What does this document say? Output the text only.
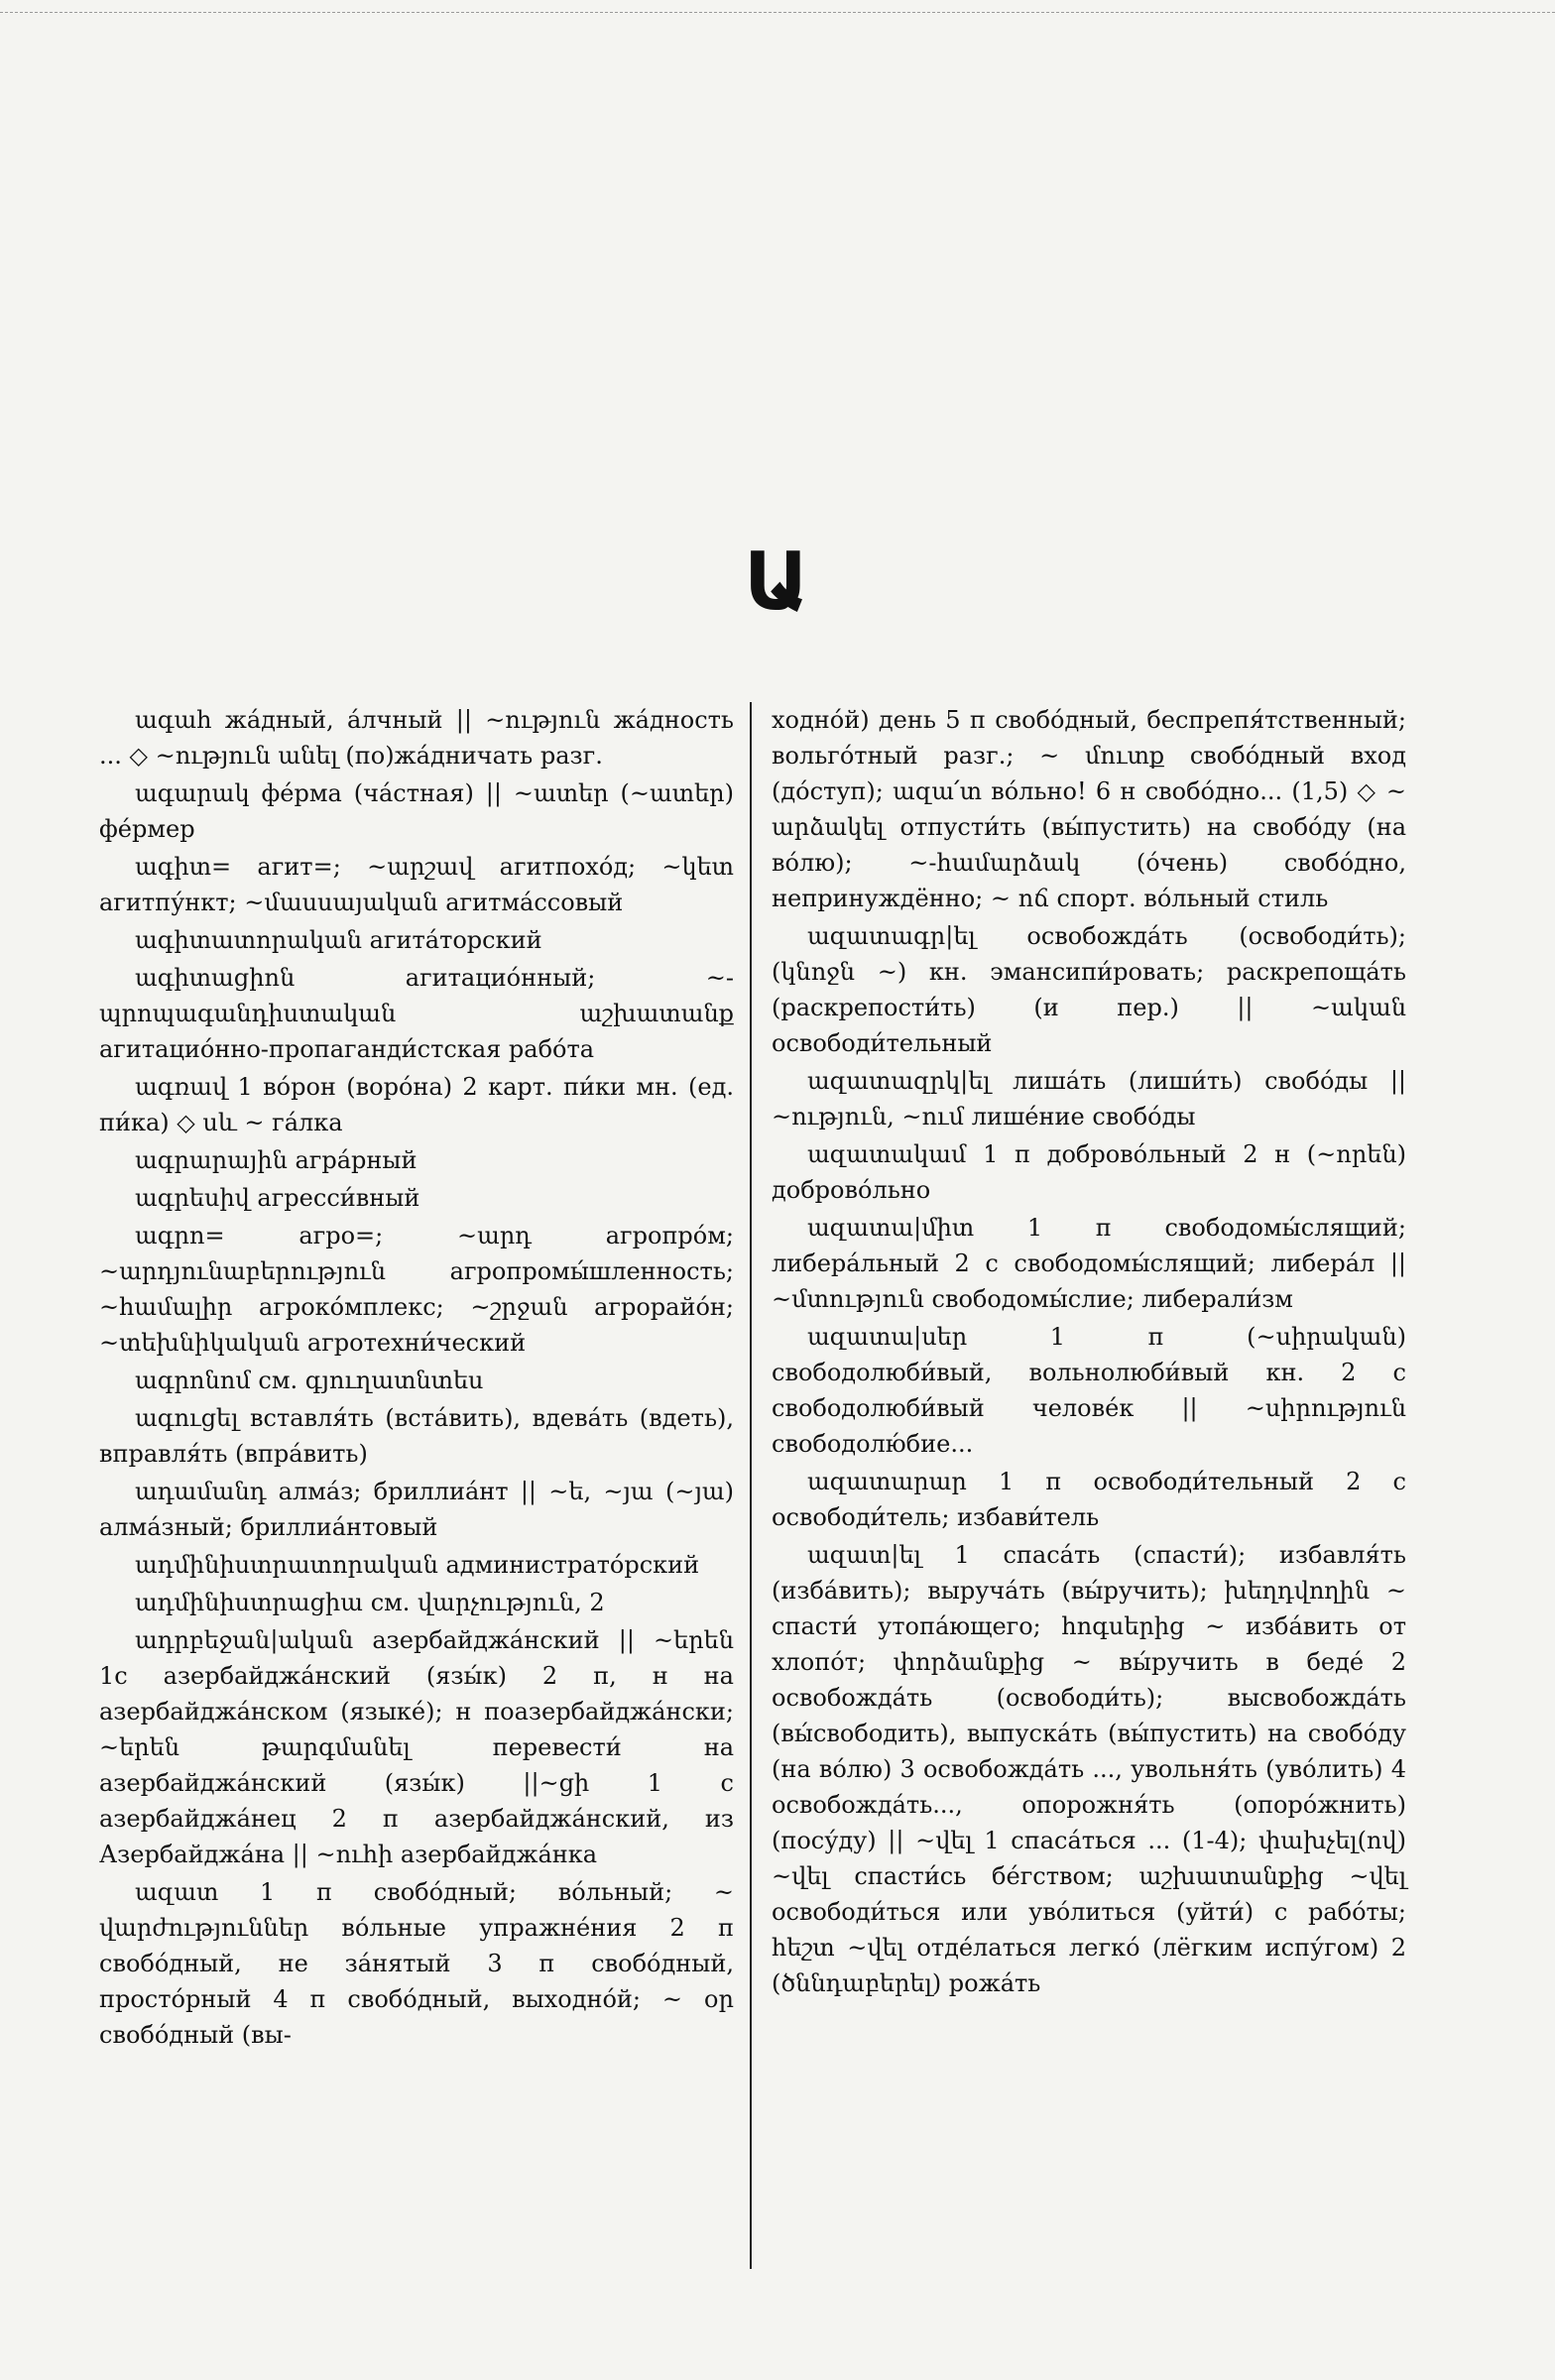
Ա

ագահ жа́дный, а́лчный || ~ություն жа́дность ... ◇ ~ություն անել (по)жа́дничать разг.

ագարակ фе́рма (ча́стная) || ~ատեր (~ատեր) фе́рмер

ագիտ= агит=; ~արշավ агитпохо́д; ~կետ агитпу́нкт; ~մասսայական агитма́ссовый

ագիտատորական агита́торский

ագիտացիոն агитацио́нный; ~-պրոպագանդիստական աշխատանք агитацио́нно-пропаганди́стская рабо́та

ագռավ 1 во́рон (воро́на) 2 карт. пи́ки мн. (ед. пи́ка) ◇ սև ~ га́лка

ագրարային агра́рный

ագրեսիվ агресси́вный

ագրո= агро=; ~արդ агропро́м; ~արդյունաբերություն агропромы́шленность; ~համալիր агроко́мплекс; ~շրջան агрорайо́н; ~տեխնիկական агротехни́ческий

ագրոնոմ см. գյուղատնտես

ագուցել вставля́ть (вста́вить), вдева́ть (вдеть), вправля́ть (впра́вить)

ադամանդ алма́з; бриллиа́нт || ~ե, ~յա (~յա) алма́зный; бриллиа́нтовый

ադմինիստրատորական администрато́рский

ադմինիստրացիա см. վարչություն, 2

ադրբեջան|ական азербайджа́нский || ~երեն 1с азербайджа́нский (язы́к) 2 п, н на азербайджа́нском (языке́); н поазербайджа́нски; ~երեն թարգմանել перевести́ на азербайджа́нский (язы́к) ||~ցի 1 с азербайджа́нец 2 п азербайджа́нский, из Азербайджа́на || ~ուհի азербайджа́нка

ազատ 1 п свобо́дный; во́льный; ~ վարժություններ во́льные упражне́ния 2 п свобо́дный, не за́нятый 3 п свобо́дный, просто́рный 4 п свобо́дный, выходно́й; ~ օր свобо́дный (вы-

ходно́й) день 5 п свобо́дный, беспрепя́тственный; вольго́тный разг.; ~ մուտք свобо́дный вход (до́ступ); ազա՛տ во́льно! 6 н свобо́дно... (1,5) ◇ ~ արձակել отпусти́ть (вы́пустить) на свобо́ду (на во́лю); ~-համարձակ (о́чень) свобо́дно, непринуждённо; ~ ոճ спорт. во́льный стиль

ազատագր|ել освобожда́ть (освободи́ть); (կնոջն ~) кн. эмансипи́ровать; раскрепоща́ть (раскрепости́ть) (и пер.) || ~ական освободи́тельный

ազատազրկ|ել лиша́ть (лиши́ть) свобо́ды || ~ություն, ~ում лише́ние свобо́ды

ազատակամ 1 п доброво́льный 2 н (~որեն) доброво́льно

ազատա|միտ 1 п свободомы́слящий; либера́льный 2 с свободомы́слящий; либера́л || ~մտություն свободомы́слие; либерали́зм

ազատա|սեր 1 п (~սիրական) свободолюби́вый, вольнолюби́вый кн. 2 с свободолюби́вый челове́к || ~սիրություն свободолю́бие...

ազատարար 1 п освободи́тельный 2 с освободи́тель; избави́тель

ազատ|ել 1 спаса́ть (спасти́); избавля́ть (изба́вить); выруча́ть (вы́ручить); խեղդվողին ~ спасти́ утопа́ющего; հոգսերից ~ изба́вить от хлопо́т; փորձանքից ~ вы́ручить в беде́ 2 освобожда́ть (освободи́ть); высвобожда́ть (вы́свободить), выпуска́ть (вы́пустить) на свобо́ду (на во́лю) 3 освобожда́ть ..., увольня́ть (уво́лить) 4 освобожда́ть..., опорожня́ть (опоро́жнить) (посу́ду) || ~վել 1 спаса́ться ... (1-4); փախչել(ով) ~վել спасти́сь бе́гством; աշխատանքից ~վել освободи́ться или уво́литься (уйти́) с рабо́ты; հեշտ ~վել отде́латься легко́ (лёгким испу́гом) 2 (ծննդաբերել) рожа́ть
